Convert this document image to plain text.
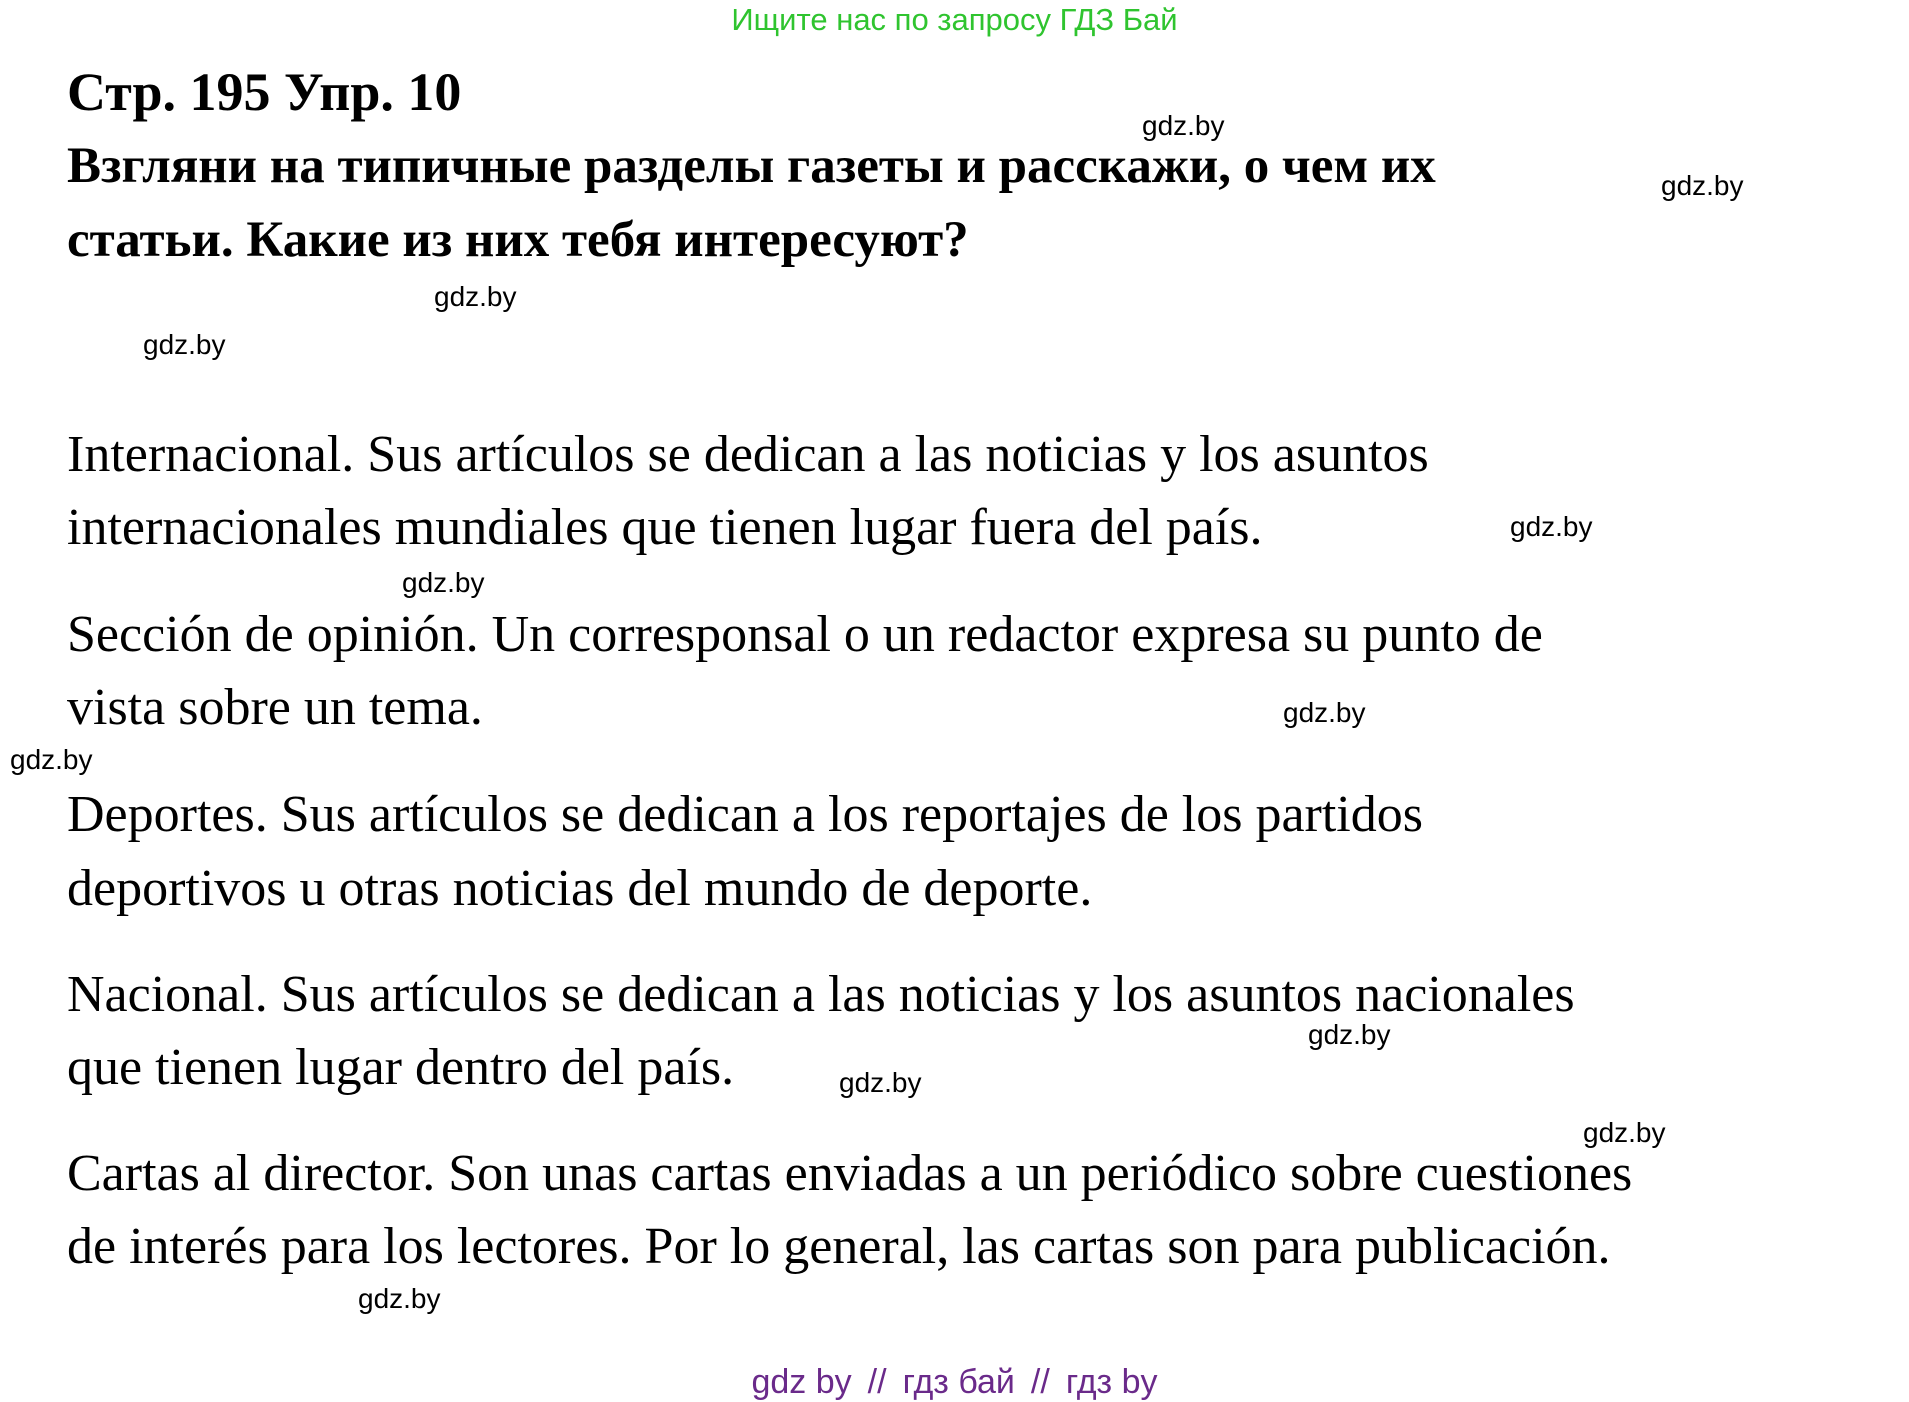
Ищите нас по запросу ГДЗ Бай
Стр. 195 Упр. 10
Взгляни на типичные разделы газеты и расскажи, о чем их
статьи. Какие из них тебя интересуют?
Internacional. Sus artículos se dedican a las noticias y los asuntos
internacionales mundiales que tienen lugar fuera del país.
Sección de opinión. Un corresponsal o un redactor expresa su punto de
vista sobre un tema.
Deportes. Sus artículos se dedican a los reportajes de los partidos
deportivos u otras noticias del mundo de deporte.
Nacional. Sus artículos se dedican a las noticias y los asuntos nacionales
que tienen lugar dentro del país.
Cartas al director. Son unas cartas enviadas a un periódico sobre cuestiones
de interés para los lectores. Por lo general, las cartas son para publicación.
gdz.by
gdz.by
gdz.by
gdz.by
gdz.by
gdz.by
gdz.by
gdz.by
gdz.by
gdz.by
gdz.by
gdz.by
gdz by // гдз бай // гдз by
